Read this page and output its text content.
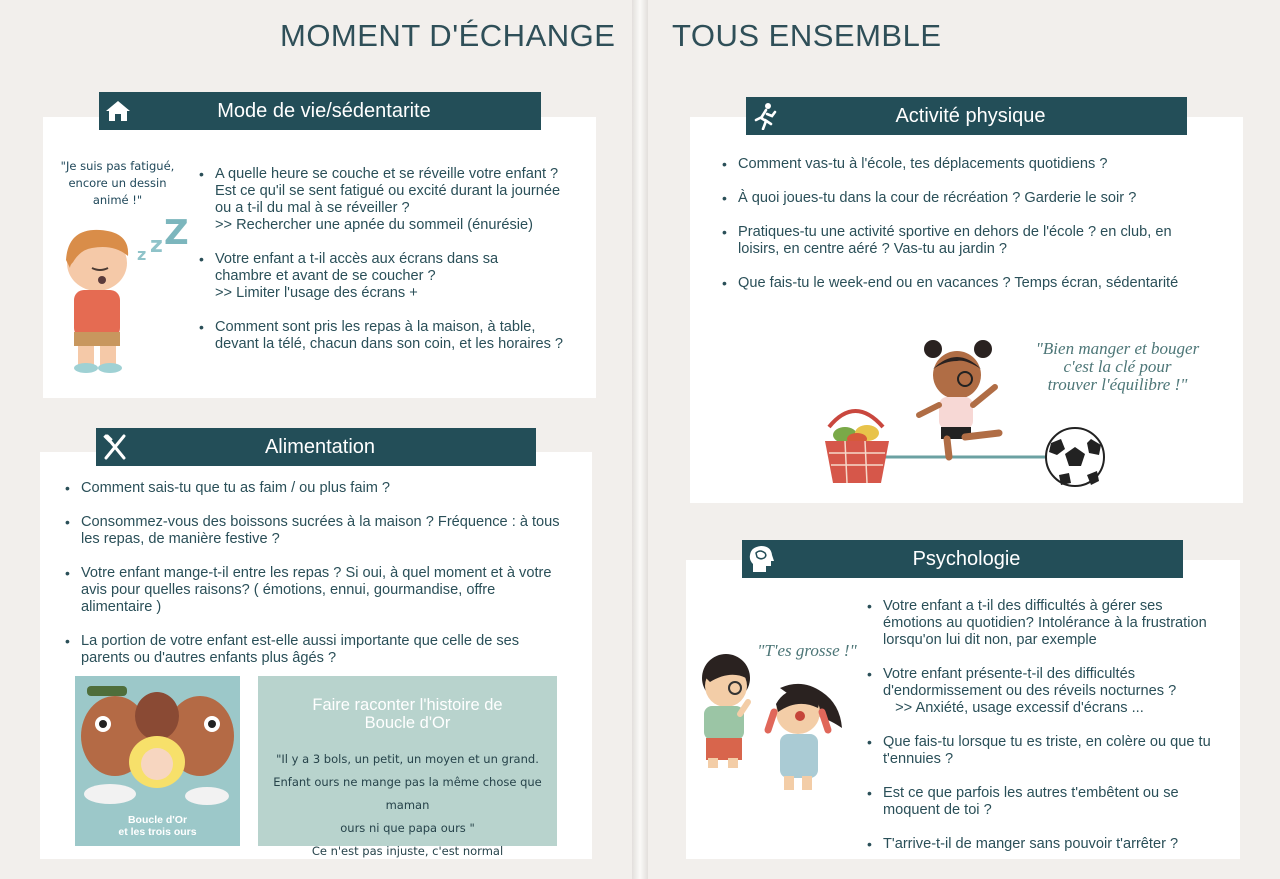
MOMENT D'ÉCHANGE TOUS ENSEMBLE
Mode de vie/sédentarite
"Je suis pas fatigué,
encore un dessin animé !"
z z Z
• A quelle heure se couche et se réveille votre enfant ?
Est ce qu'il se sent fatigué ou excité durant la journée
ou a t-il du mal à se réveiller ?
>> Rechercher une apnée du sommeil (énurésie)
• Votre enfant a t-il accès aux écrans dans sa
chambre et avant de se coucher ?
>> Limiter l'usage des écrans +
• Comment sont pris les repas à la maison, à table,
devant la télé, chacun dans son coin, et les horaires ?
Alimentation
• Comment sais-tu que tu as faim / ou plus faim ?
• Consommez-vous des boissons sucrées à la maison ? Fréquence : à tous
les repas, de manière festive ?
• Votre enfant mange-t-il entre les repas ? Si oui, à quel moment et à votre
avis pour quelles raisons? ( émotions, ennui, gourmandise, offre
alimentaire )
• La portion de votre enfant est-elle aussi importante que celle de ses
parents ou d'autres enfants plus âgés ?
Boucle d'Or
et les trois ours
Faire raconter l'histoire de
Boucle d'Or
"Il y a 3 bols, un petit, un moyen et un grand.
Enfant ours ne mange pas la même chose que maman
ours ni que papa ours "
Ce n'est pas injuste, c'est normal
Activité physique
• Comment vas-tu à l'école, tes déplacements quotidiens ?
• À quoi joues-tu dans la cour de récréation ? Garderie le soir ?
• Pratiques-tu une activité sportive en dehors de l'école ? en club, en
loisirs, en centre aéré ? Vas-tu au jardin ?
• Que fais-tu le week-end ou en vacances ? Temps écran, sédentarité
"Bien manger et bouger
c'est la clé pour
trouver l'équilibre !"
Psychologie
"T'es grosse !"
• Votre enfant a t-il des difficultés à gérer ses
émotions au quotidien? Intolérance à la frustration
lorsqu'on lui dit non, par exemple
• Votre enfant présente-t-il des difficultés
d'endormissement ou des réveils nocturnes ?
>> Anxiété, usage excessif d'écrans ...
• Que fais-tu lorsque tu es triste, en colère ou que tu
t'ennuies ?
• Est ce que parfois les autres t'embêtent ou se
moquent de toi ?
• T'arrive-t-il de manger sans pouvoir t'arrêter ?
